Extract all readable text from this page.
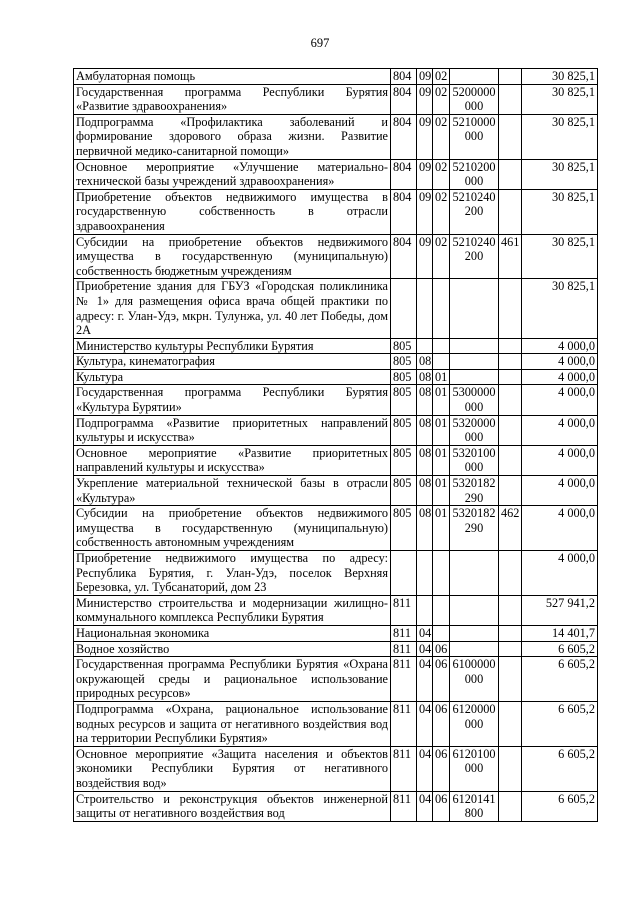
697
Амбулаторная помощь	804	09	02			30 825,1
Государственная программа Республики Бурятия «Развитие здравоохранения»	804	09	02	5200000 000		30 825,1
Подпрограмма «Профилактика заболеваний и формирование здорового образа жизни. Развитие первичной медико-санитарной помощи»	804	09	02	5210000 000		30 825,1
Основное мероприятие «Улучшение материально-технической базы учреждений здравоохранения»	804	09	02	5210200 000		30 825,1
Приобретение объектов недвижимого имущества в государственную собственность в отрасли здравоохранения	804	09	02	5210240 200		30 825,1
Субсидии на приобретение объектов недвижимого имущества в государственную (муниципальную) собственность бюджетным учреждениям	804	09	02	5210240 200	461	30 825,1
Приобретение здания для ГБУЗ «Городская поликлиника № 1» для размещения офиса врача общей практики по адресу: г. Улан-Удэ, мкрн. Тулунжа, ул. 40 лет Победы, дом 2А						30 825,1
Министерство культуры Республики Бурятия	805					4 000,0
Культура, кинематография	805	08				4 000,0
Культура	805	08	01			4 000,0
Государственная программа Республики Бурятия «Культура Бурятии»	805	08	01	5300000 000		4 000,0
Подпрограмма «Развитие приоритетных направлений культуры и искусства»	805	08	01	5320000 000		4 000,0
Основное мероприятие «Развитие приоритетных направлений культуры и искусства»	805	08	01	5320100 000		4 000,0
Укрепление материальной технической базы в отрасли «Культура»	805	08	01	5320182 290		4 000,0
Субсидии на приобретение объектов недвижимого имущества в государственную (муниципальную) собственность автономным учреждениям	805	08	01	5320182 290	462	4 000,0
Приобретение недвижимого имущества по адресу: Республика Бурятия, г. Улан-Удэ, поселок Верхняя Березовка, ул. Тубсанаторий, дом 23						4 000,0
Министерство строительства и модернизации жилищно-коммунального комплекса Республики Бурятия	811					527 941,2
Национальная экономика	811	04				14 401,7
Водное хозяйство	811	04	06			6 605,2
Государственная программа Республики Бурятия «Охрана окружающей среды и рациональное использование природных ресурсов»	811	04	06	6100000 000		6 605,2
Подпрограмма «Охрана, рациональное использование водных ресурсов и защита от негативного воздействия вод на территории Республики Бурятия»	811	04	06	6120000 000		6 605,2
Основное мероприятие «Защита населения и объектов экономики Республики Бурятия от негативного воздействия вод»	811	04	06	6120100 000		6 605,2
Строительство и реконструкция объектов инженерной защиты от негативного воздействия вод	811	04	06	6120141 800		6 605,2
